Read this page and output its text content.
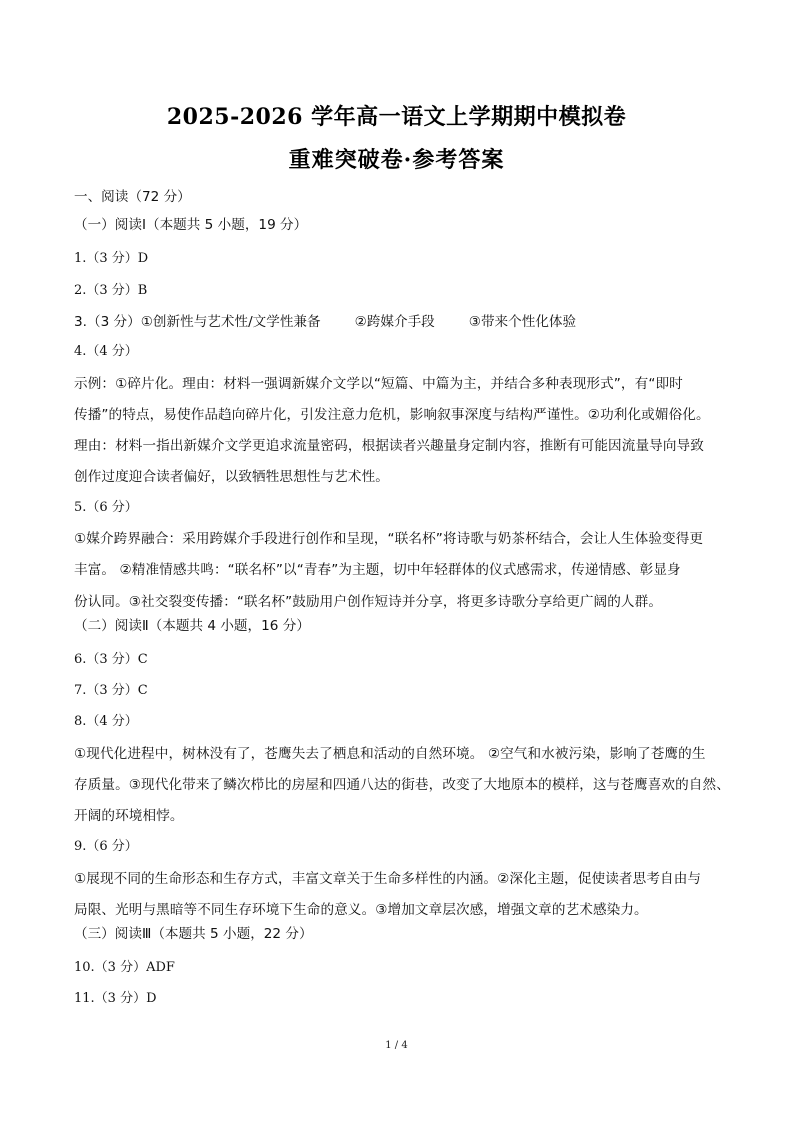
2025-2026 学年高一语文上学期期中模拟卷
重难突破卷·参考答案
一、阅读（72 分）
（一）阅读Ⅰ（本题共 5 小题，19 分）
1.（3 分）D
2.（3 分）B
3.（3 分）①创新性与艺术性/文学性兼备	②跨媒介手段	③带来个性化体验
4.（4 分）
示例：①碎片化。理由：材料一强调新媒介文学以“短篇、中篇为主，并结合多种表现形式”，有“即时
传播”的特点，易使作品趋向碎片化，引发注意力危机，影响叙事深度与结构严谨性。②功利化或媚俗化。
理由：材料一指出新媒介文学更追求流量密码，根据读者兴趣量身定制内容，推断有可能因流量导向导致
创作过度迎合读者偏好，以致牺牲思想性与艺术性。
5.（6 分）
①媒介跨界融合：采用跨媒介手段进行创作和呈现，“联名杯”将诗歌与奶茶杯结合，会让人生体验变得更
丰富。 ②精准情感共鸣：“联名杯”以“青春”为主题，切中年轻群体的仪式感需求，传递情感、彰显身
份认同。③社交裂变传播：“联名杯”鼓励用户创作短诗并分享，将更多诗歌分享给更广阔的人群。
（二）阅读Ⅱ（本题共 4 小题，16 分）
6.（3 分）C
7.（3 分）C
8.（4 分）
①现代化进程中，树林没有了，苍鹰失去了栖息和活动的自然环境。 ②空气和水被污染，影响了苍鹰的生
存质量。③现代化带来了鳞次栉比的房屋和四通八达的街巷，改变了大地原本的模样，这与苍鹰喜欢的自然、
开阔的环境相悖。
9.（6 分）
①展现不同的生命形态和生存方式，丰富文章关于生命多样性的内涵。②深化主题，促使读者思考自由与
局限、光明与黑暗等不同生存环境下生命的意义。③增加文章层次感，增强文章的艺术感染力。
（三）阅读Ⅲ（本题共 5 小题，22 分）
10.（3 分）ADF
11.（3 分）D
1 / 4
